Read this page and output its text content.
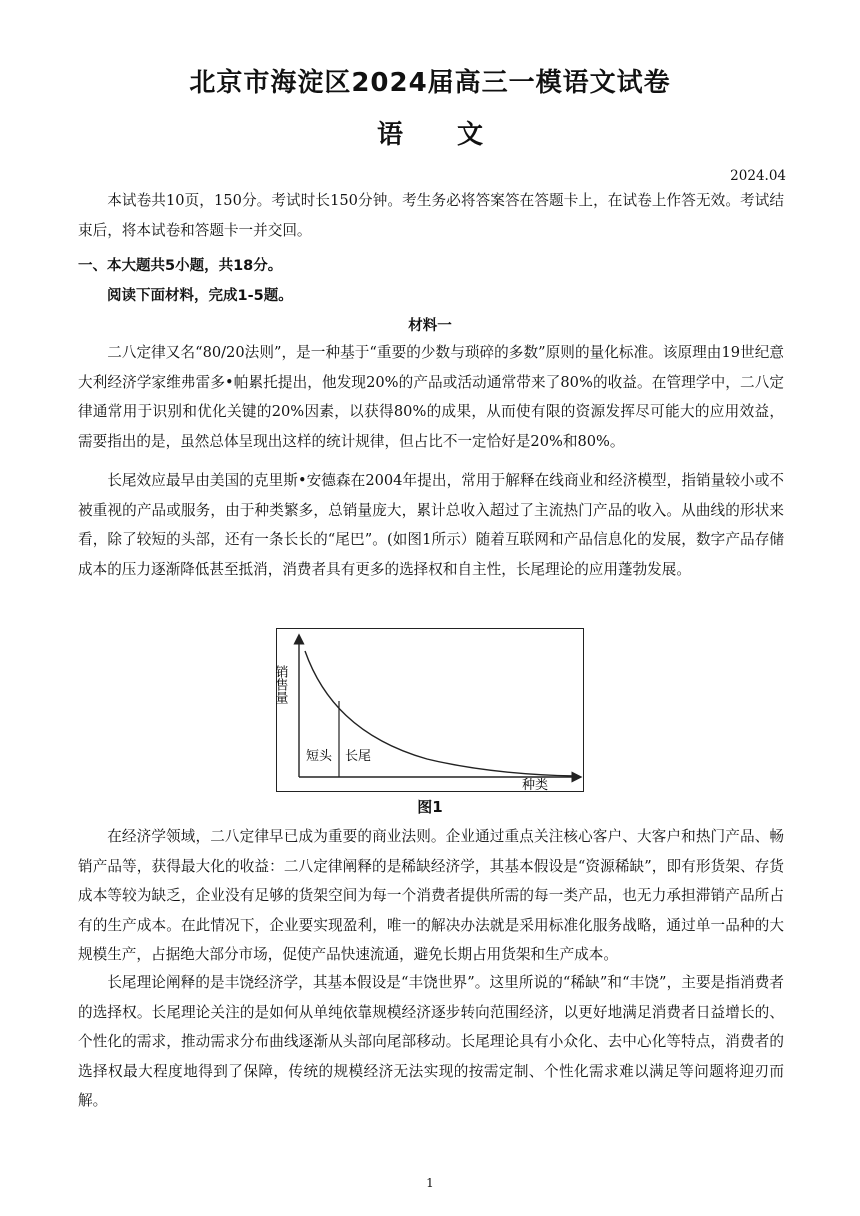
北京市海淀区2024届高三一模语文试卷
语文
2024.04
本试卷共10页，150分。考试时长150分钟。考生务必将答案答在答题卡上，在试卷上作答无效。考试结束后，将本试卷和答题卡一并交回。
一、本大题共5小题，共18分。
阅读下面材料，完成1-5题。
材料一
二八定律又名“80/20法则”，是一种基于“重要的少数与琐碎的多数”原则的量化标准。该原理由19世纪意大利经济学家维弗雷多•帕累托提出，他发现20%的产品或活动通常带来了80%的收益。在管理学中，二八定律通常用于识别和优化关键的20%因素，以获得80%的成果，从而使有限的资源发挥尽可能大的应用效益，需要指出的是，虽然总体呈现出这样的统计规律，但占比不一定恰好是20%和80%。
长尾效应最早由美国的克里斯•安德森在2004年提出，常用于解释在线商业和经济模型，指销量较小或不被重视的产品或服务，由于种类繁多，总销量庞大，累计总收入超过了主流热门产品的收入。从曲线的形状来看，除了较短的头部，还有一条长长的“尾巴”。(如图1所示）随着互联网和产品信息化的发展，数字产品存储成本的压力逐渐降低甚至抵消，消费者具有更多的选择权和自主性，长尾理论的应用蓬勃发展。
销售量
短头 长尾
种类
图1
在经济学领域，二八定律早已成为重要的商业法则。企业通过重点关注核心客户、大客户和热门产品、畅销产品等，获得最大化的收益：二八定律阐释的是稀缺经济学，其基本假设是“资源稀缺”，即有形货架、存货成本等较为缺乏，企业没有足够的货架空间为每一个消费者提供所需的每一类产品，也无力承担滞销产品所占有的生产成本。在此情况下，企业要实现盈利，唯一的解决办法就是采用标准化服务战略，通过单一品种的大规模生产，占据绝大部分市场，促使产品快速流通，避免长期占用货架和生产成本。
长尾理论阐释的是丰饶经济学，其基本假设是“丰饶世界”。这里所说的“稀缺”和“丰饶”，主要是指消费者的选择权。长尾理论关注的是如何从单纯依靠规模经济逐步转向范围经济，以更好地满足消费者日益增长的、个性化的需求，推动需求分布曲线逐渐从头部向尾部移动。长尾理论具有小众化、去中心化等特点，消费者的选择权最大程度地得到了保障，传统的规模经济无法实现的按需定制、个性化需求难以满足等问题将迎刃而解。
1
